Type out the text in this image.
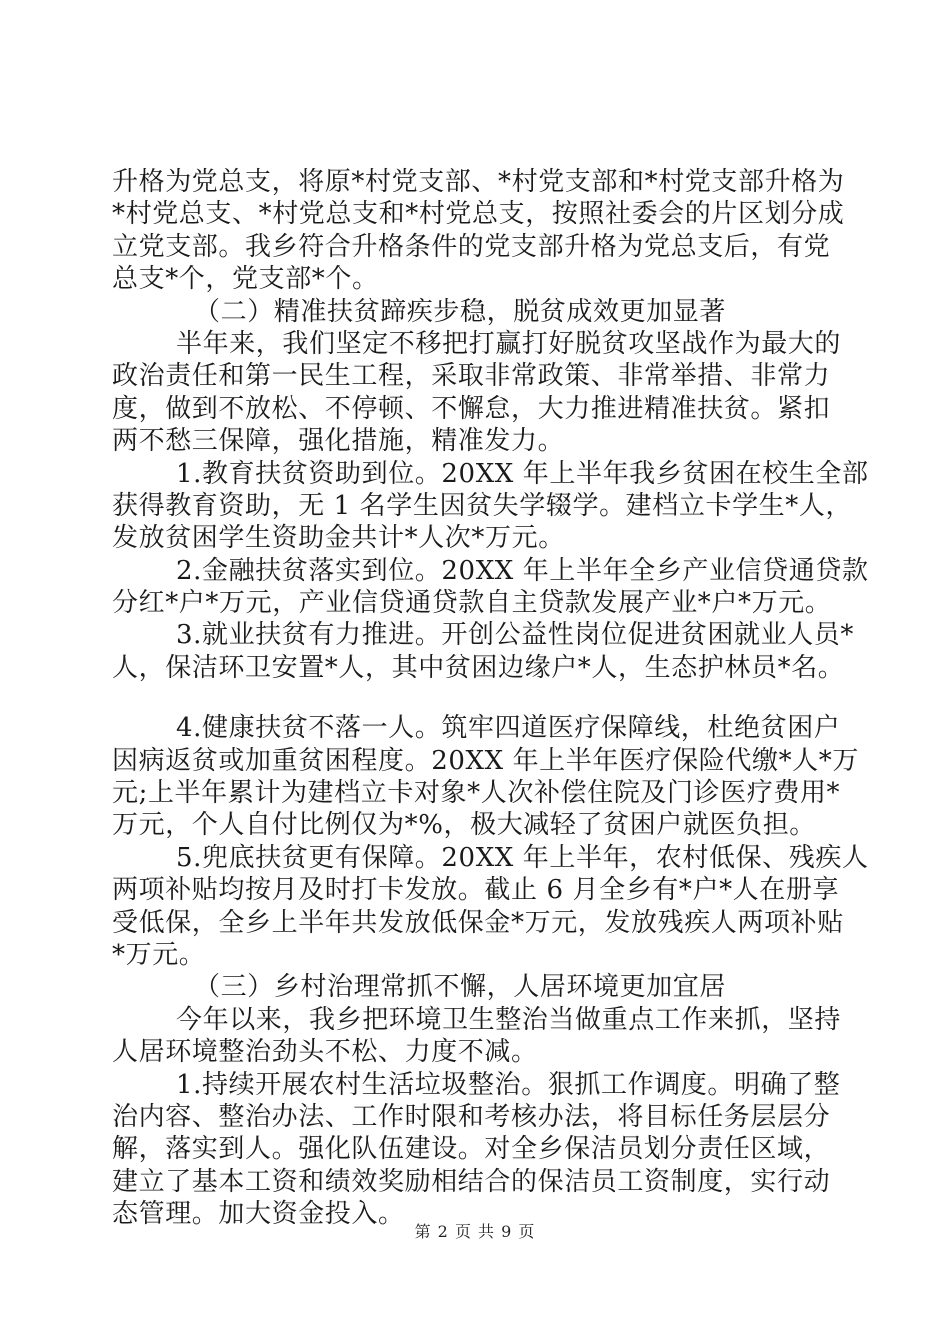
升格为党总支，将原*村党支部、*村党支部和*村党支部升格为
*村党总支、*村党总支和*村党总支，按照社委会的片区划分成
立党支部。我乡符合升格条件的党支部升格为党总支后，有党
总支*个，党支部*个。
（二）精准扶贫蹄疾步稳，脱贫成效更加显著
半年来，我们坚定不移把打赢打好脱贫攻坚战作为最大的
政治责任和第一民生工程，采取非常政策、非常举措、非常力
度，做到不放松、不停顿、不懈怠，大力推进精准扶贫。紧扣
两不愁三保障，强化措施，精准发力。
1.教育扶贫资助到位。20XX 年上半年我乡贫困在校生全部
获得教育资助，无 1 名学生因贫失学辍学。建档立卡学生*人，
发放贫困学生资助金共计*人次*万元。
2.金融扶贫落实到位。20XX 年上半年全乡产业信贷通贷款
分红*户*万元，产业信贷通贷款自主贷款发展产业*户*万元。
3.就业扶贫有力推进。开创公益性岗位促进贫困就业人员*
人，保洁环卫安置*人，其中贫困边缘户*人，生态护林员*名。
4.健康扶贫不落一人。筑牢四道医疗保障线，杜绝贫困户
因病返贫或加重贫困程度。20XX 年上半年医疗保险代缴*人*万
元;上半年累计为建档立卡对象*人次补偿住院及门诊医疗费用*
万元，个人自付比例仅为*%，极大减轻了贫困户就医负担。
5.兜底扶贫更有保障。20XX 年上半年，农村低保、残疾人
两项补贴均按月及时打卡发放。截止 6 月全乡有*户*人在册享
受低保，全乡上半年共发放低保金*万元，发放残疾人两项补贴
*万元。
（三）乡村治理常抓不懈，人居环境更加宜居
今年以来，我乡把环境卫生整治当做重点工作来抓，坚持
人居环境整治劲头不松、力度不减。
1.持续开展农村生活垃圾整治。狠抓工作调度。明确了整
治内容、整治办法、工作时限和考核办法，将目标任务层层分
解，落实到人。强化队伍建设。对全乡保洁员划分责任区域，
建立了基本工资和绩效奖励相结合的保洁员工资制度，实行动
态管理。加大资金投入。
第 2 页 共 9 页
